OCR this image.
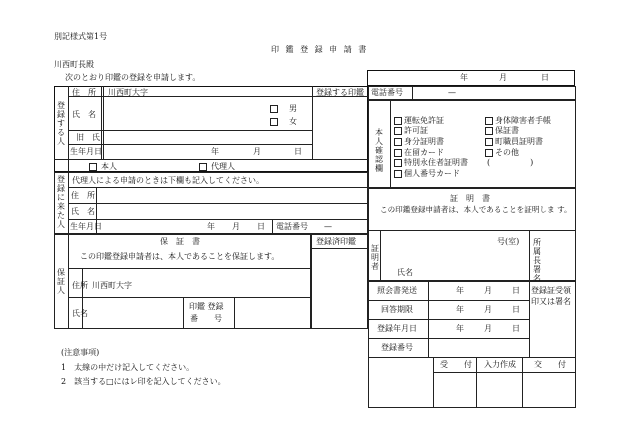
別記様式第1号
印 鑑 登 録 申 請 書
川西町長殿
次のとおり印鑑の登録を申請します。	年	月	日
登録する人
住　所 川西町大字
氏　名
男
女
旧　氏
生年月日	年	月	日
登録する印鑑
本人	代理人
電話番号	—
登録に来た人
代理人による申請のときは下欄も記入してください。
住　所
氏　名
生年月日	年 月 日 電話番号 —
本人確認欄
運転免許証
許可証
身分証明書
在留カード
特別永住者証明書
個人番号カード
身体障害者手帳
保証書
町職員証明書
その他
(　　　　　)
証　明　書
この印鑑登録申請者は、本人であることを証明しま す。
証明者
号(室)
氏名
所属長署名
保証人
保　証　書
この印鑑登録申請者は、本人であることを保証します。
住所 川西町大字
氏名
印鑑 登録
番　　号
登録済印鑑
照会書発送	年	月	日
回答期限	年	月	日
登録年月日	年	月	日
登録番号
登録証受領印又は署名
受　　付 入力作成 交　　付
(注意事項)
1　太線の中だけ記入してください。
2　該当する□にはレ印を記入してください。
